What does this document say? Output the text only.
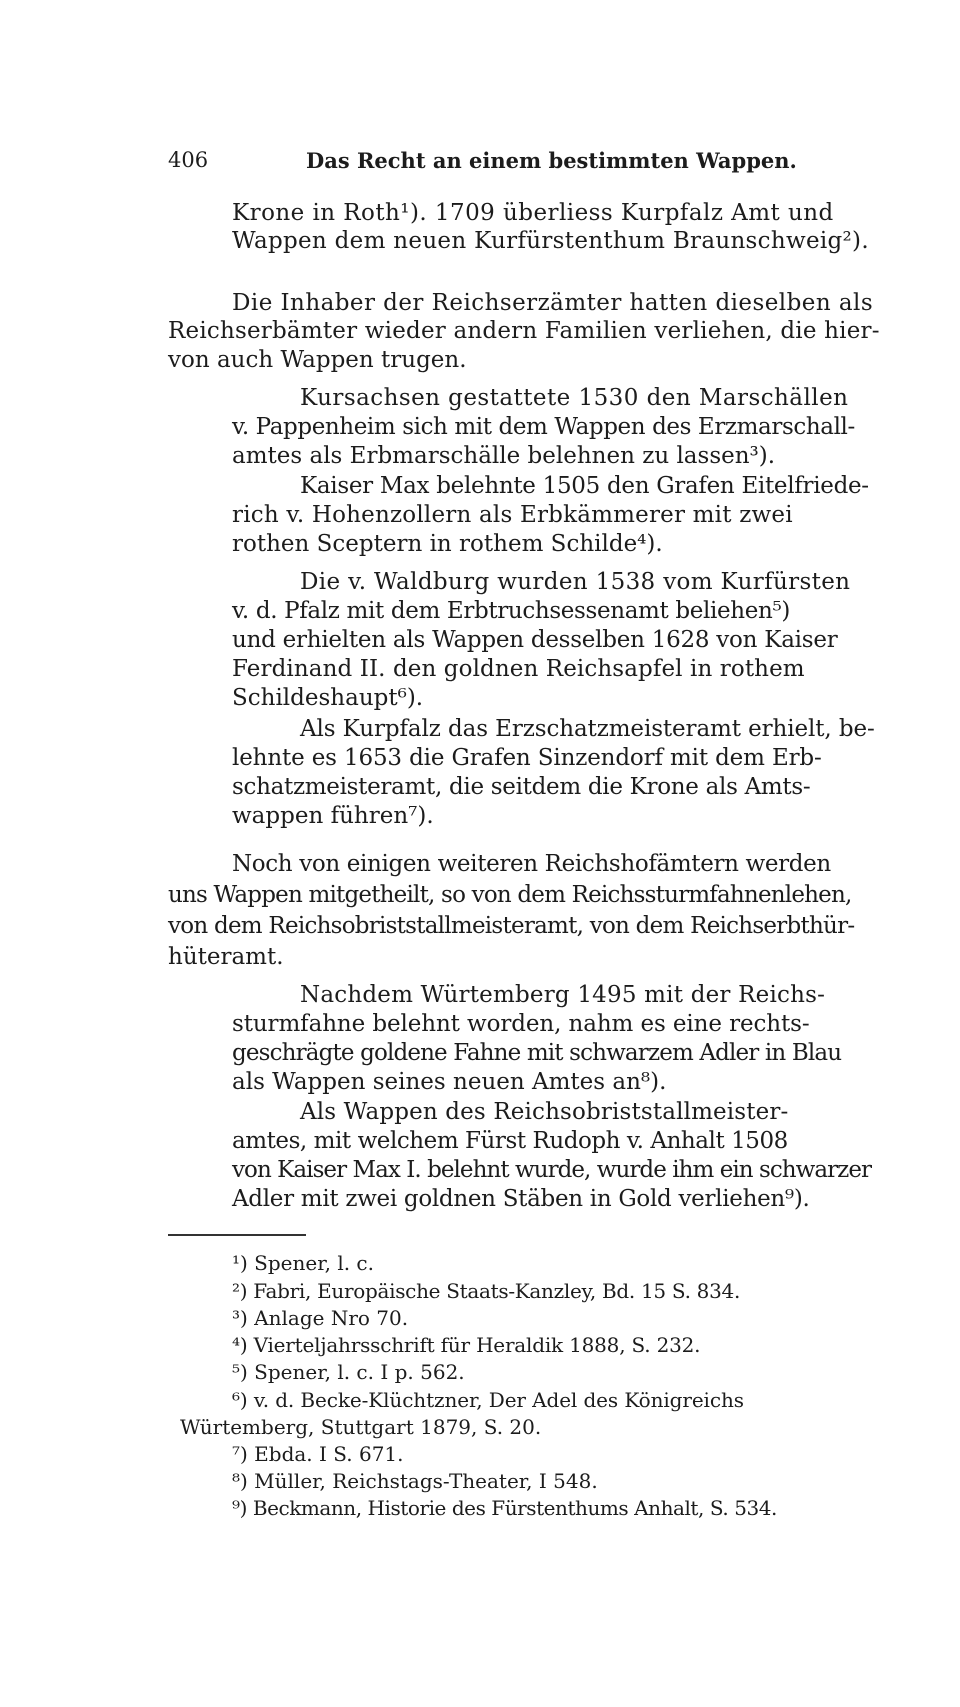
406	Das Recht an einem bestimmten Wappen.
Krone in Roth¹). 1709 überliess Kurpfalz Amt und
Wappen dem neuen Kurfürstenthum Braunschweig²).
Die Inhaber der Reichserzämter hatten dieselben als
Reichserbämter wieder andern Familien verliehen, die hier-
von auch Wappen trugen.
Kursachsen gestattete 1530 den Marschällen
v. Pappenheim sich mit dem Wappen des Erzmarschall-
amtes als Erbmarschälle belehnen zu lassen³).
Kaiser Max belehnte 1505 den Grafen Eitelfriede-
rich v. Hohenzollern als Erbkämmerer mit zwei
rothen Sceptern in rothem Schilde⁴).
Die v. Waldburg wurden 1538 vom Kurfürsten
v. d. Pfalz mit dem Erbtruchsessenamt beliehen⁵)
und erhielten als Wappen desselben 1628 von Kaiser
Ferdinand II. den goldnen Reichsapfel in rothem
Schildeshaupt⁶).
Als Kurpfalz das Erzschatzmeisteramt erhielt, be-
lehnte es 1653 die Grafen Sinzendorf mit dem Erb-
schatzmeisteramt, die seitdem die Krone als Amts-
wappen führen⁷).
Noch von einigen weiteren Reichshofämtern werden
uns Wappen mitgetheilt, so von dem Reichssturmfahnenlehen,
von dem Reichsobriststallmeisteramt, von dem Reichserbthür-
hüteramt.
Nachdem Würtemberg 1495 mit der Reichs-
sturmfahne belehnt worden, nahm es eine rechts-
geschrägte goldene Fahne mit schwarzem Adler in Blau
als Wappen seines neuen Amtes an⁸).
Als Wappen des Reichsobriststallmeister-
amtes, mit welchem Fürst Rudoph v. Anhalt 1508
von Kaiser Max I. belehnt wurde, wurde ihm ein schwarzer
Adler mit zwei goldnen Stäben in Gold verliehen⁹).
¹) Spener, l. c.
²) Fabri, Europäische Staats-Kanzley, Bd. 15 S. 834.
³) Anlage Nro 70.
⁴) Vierteljahrsschrift für Heraldik 1888, S. 232.
⁵) Spener, l. c. I p. 562.
⁶) v. d. Becke-Klüchtzner, Der Adel des Königreichs
Würtemberg, Stuttgart 1879, S. 20.
⁷) Ebda. I S. 671.
⁸) Müller, Reichstags-Theater, I 548.
⁹) Beckmann, Historie des Fürstenthums Anhalt, S. 534.
